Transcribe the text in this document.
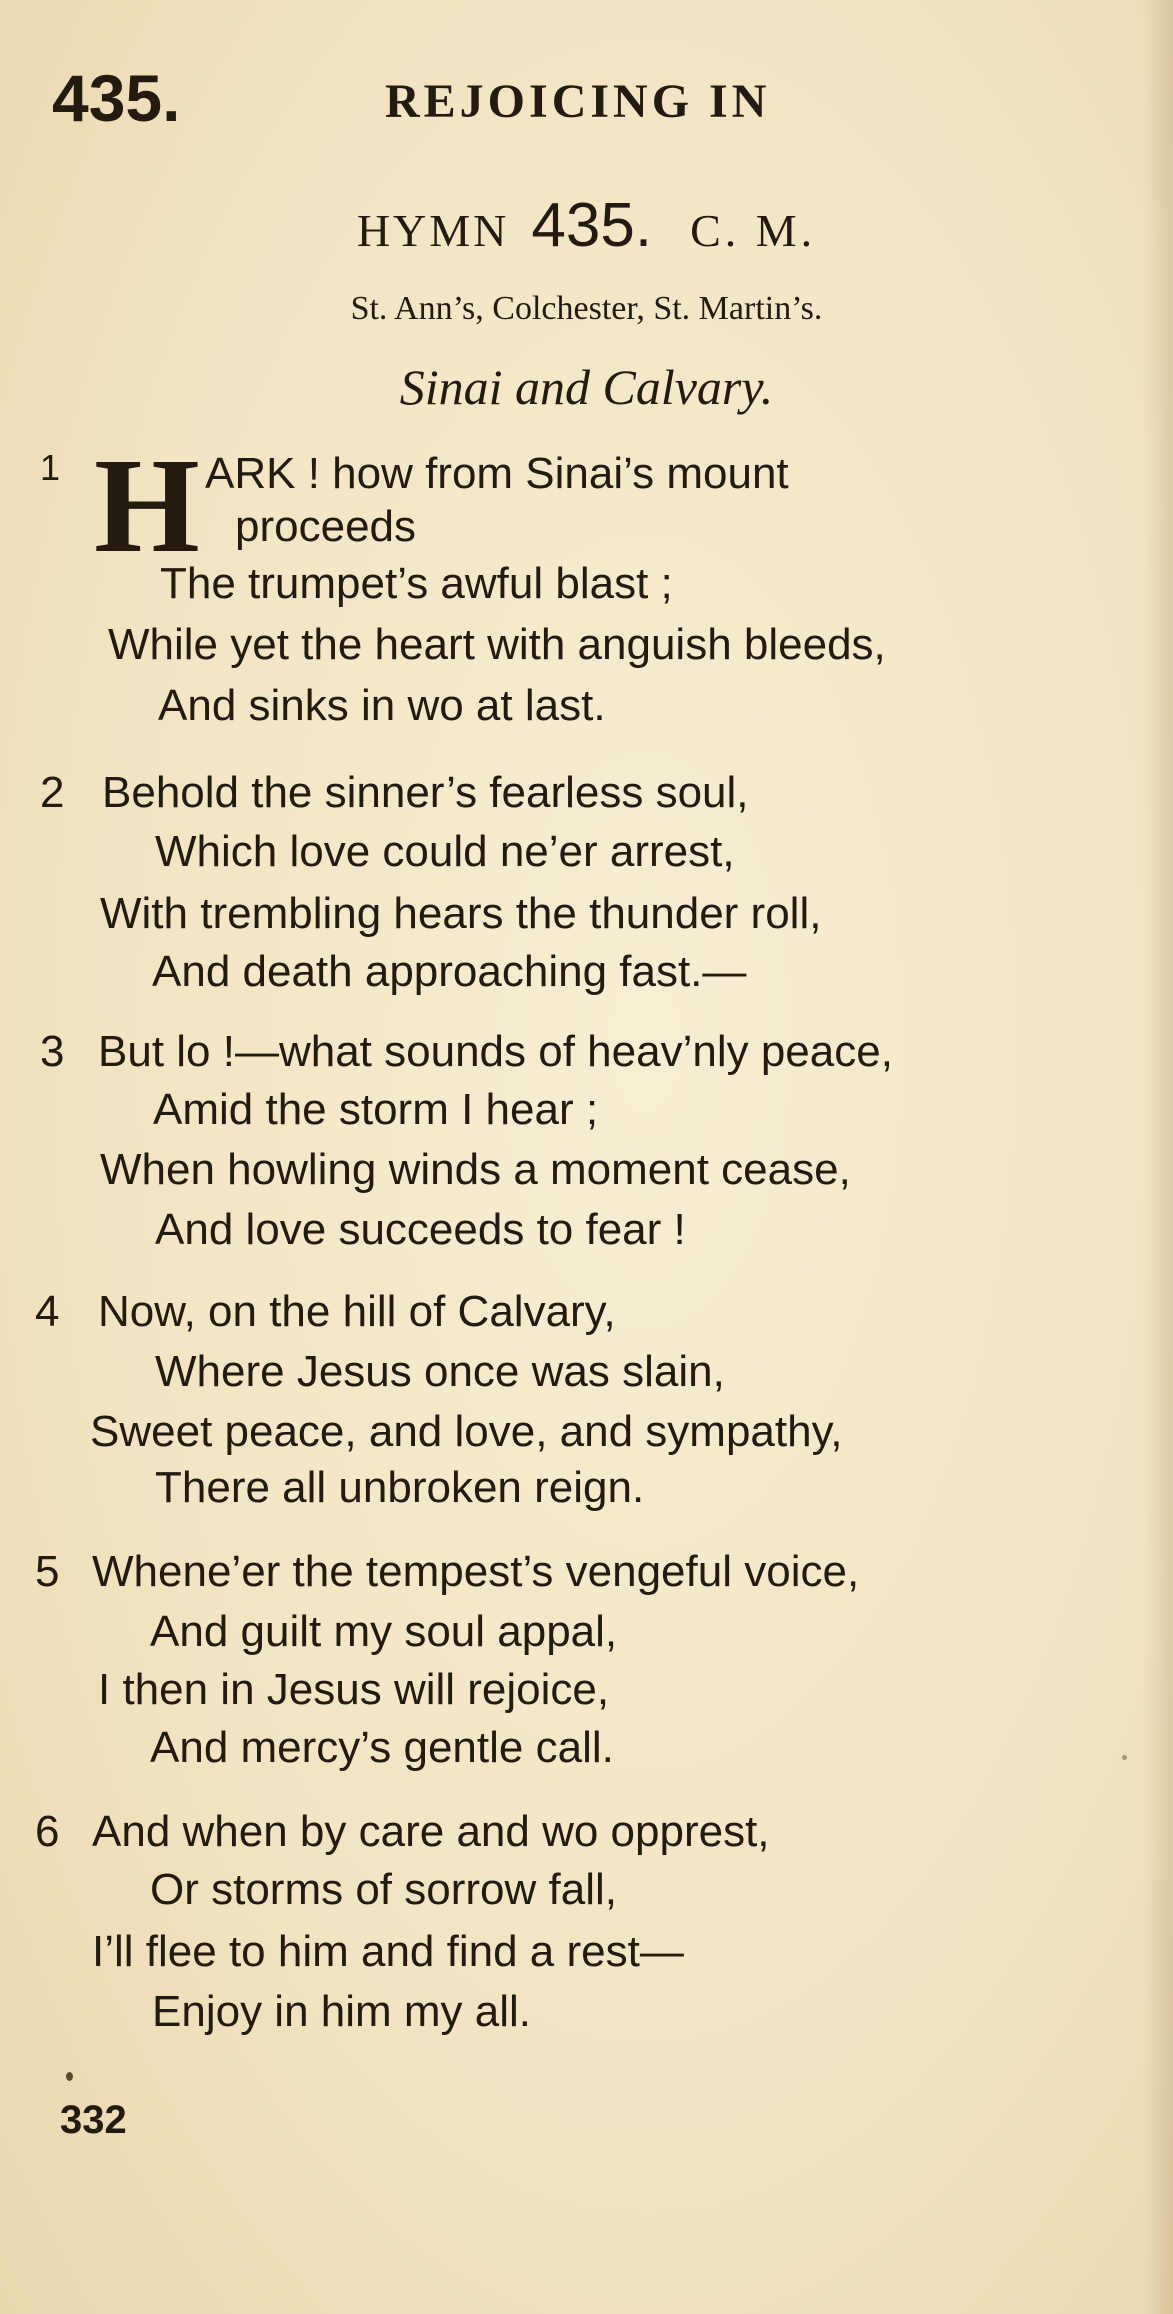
435.	REJOICING IN
HYMN 435. C. M.
St. Ann’s, Colchester, St. Martin’s.
Sinai and Calvary.
1 H ARK ! how from Sinai’s mount
proceeds
The trumpet’s awful blast ;
While yet the heart with anguish bleeds,
And sinks in wo at last.
2 Behold the sinner’s fearless soul,
Which love could ne’er arrest,
With trembling hears the thunder roll,
And death approaching fast.—
3 But lo !—what sounds of heav’nly peace,
Amid the storm I hear ;
When howling winds a moment cease,
And love succeeds to fear !
4 Now, on the hill of Calvary,
Where Jesus once was slain,
Sweet peace, and love, and sympathy,
There all unbroken reign.
5 Whene’er the tempest’s vengeful voice,
And guilt my soul appal,
I then in Jesus will rejoice,
And mercy’s gentle call.
6 And when by care and wo opprest,
Or storms of sorrow fall,
I’ll flee to him and find a rest—
Enjoy in him my all.
332
